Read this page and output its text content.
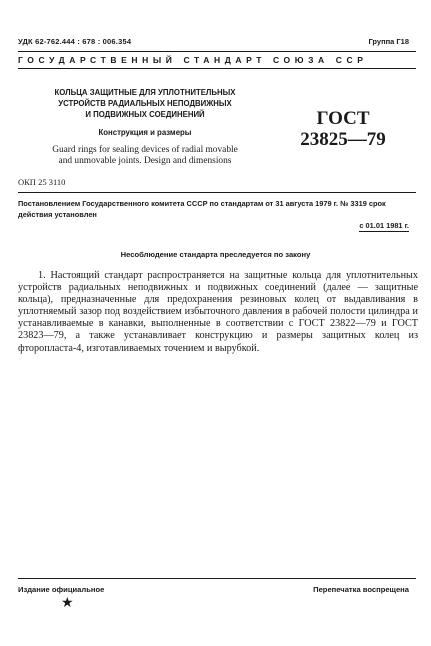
УДК 62-762.444 : 678 : 006.354	Группа Г18
ГОСУДАРСТВЕННЫЙ СТАНДАРТ СОЮЗА ССР
КОЛЬЦА ЗАЩИТНЫЕ ДЛЯ УПЛОТНИТЕЛЬНЫХ
УСТРОЙСТВ РАДИАЛЬНЫХ НЕПОДВИЖНЫХ
И ПОДВИЖНЫХ СОЕДИНЕНИЙ
Конструкция и размеры
Guard rings for sealing devices of radial movable
and unmovable joints. Design and dimensions
ГОСТ
23825—79
ОКП 25 3110
Постановлением Государственного комитета СССР по стандартам от 31 августа 1979 г. № 3319 срок действия установлен
с 01.01 1981 г.
Несоблюдение стандарта преследуется по закону
1. Настоящий стандарт распространяется на защитные кольца для уплотнительных устройств радиальных неподвижных и подвижных соединений (далее — защитные кольца), предназначенные для предохранения резиновых колец от выдавливания в уплотняемый зазор под воздействием избыточного давления в рабочей полости цилиндра и устанавливаемые в канавки, выполненные в соответствии с ГОСТ 23822—79 и ГОСТ 23823—79, а также устанавливает конструкцию и размеры защитных колец из фторопласта-4, изготавливаемых точением и вырубкой.
Издание официальное	Перепечатка воспрещена
★
